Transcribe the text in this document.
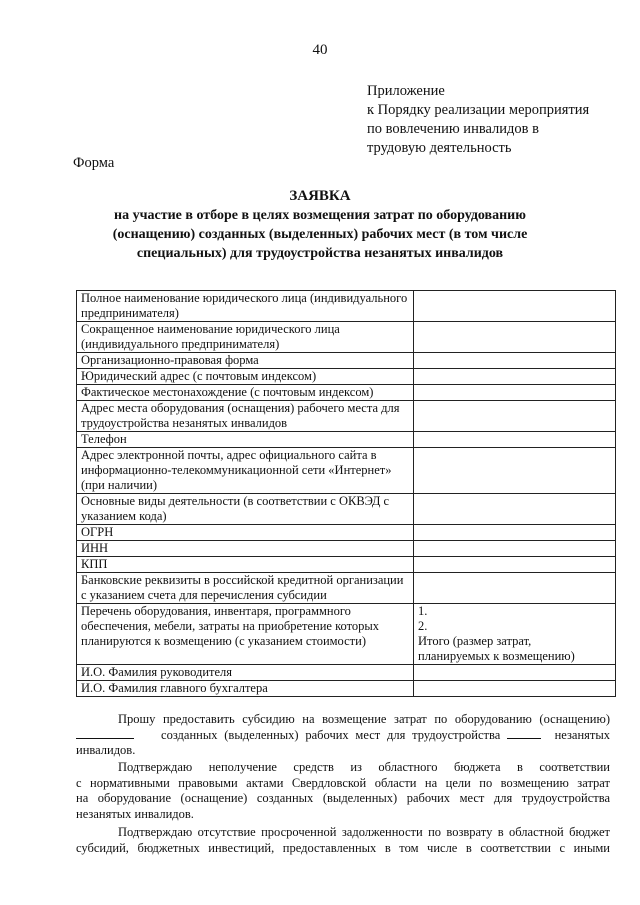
40
Приложение
к Порядку реализации мероприятия
по вовлечению инвалидов в
трудовую деятельность
Форма
ЗАЯВКА
на участие в отборе в целях возмещения затрат по оборудованию
(оснащению) созданных (выделенных) рабочих мест (в том числе
специальных) для трудоустройства незанятых инвалидов
Полное наименование юридического лица (индивидуального предпринимателя)	
Сокращенное наименование юридического лица (индивидуального предпринимателя)	
Организационно-правовая форма	
Юридический адрес (с почтовым индексом)	
Фактическое местонахождение (с почтовым индексом)	
Адрес места оборудования (оснащения) рабочего места для трудоустройства незанятых инвалидов	
Телефон	
Адрес электронной почты, адрес официального сайта в информационно-телекоммуникационной сети «Интернет» (при наличии)	
Основные виды деятельности (в соответствии с ОКВЭД с указанием кода)	
ОГРН	
ИНН	
КПП	
Банковские реквизиты в российской кредитной организации с указанием счета для перечисления субсидии	
Перечень оборудования, инвентаря, программного обеспечения, мебели, затраты на приобретение которых планируются к возмещению (с указанием стоимости)	1.
2.
Итого (размер затрат,
планируемых к возмещению)

И.О. Фамилия руководителя	
И.О. Фамилия главного бухгалтера	
Прошу предоставить субсидию на возмещение затрат по оборудованию (оснащению)
созданных (выделенных) рабочих мест для трудоустройства	незанятых
инвалидов.
Подтверждаю неполучение средств из областного бюджета в соответствии
с нормативными правовыми актами Свердловской области на цели по возмещению затрат
на оборудование (оснащение) созданных (выделенных) рабочих мест для трудоустройства
незанятых инвалидов.
Подтверждаю отсутствие просроченной задолженности по возврату в областной бюджет
субсидий, бюджетных инвестиций, предоставленных в том числе в соответствии с иными
